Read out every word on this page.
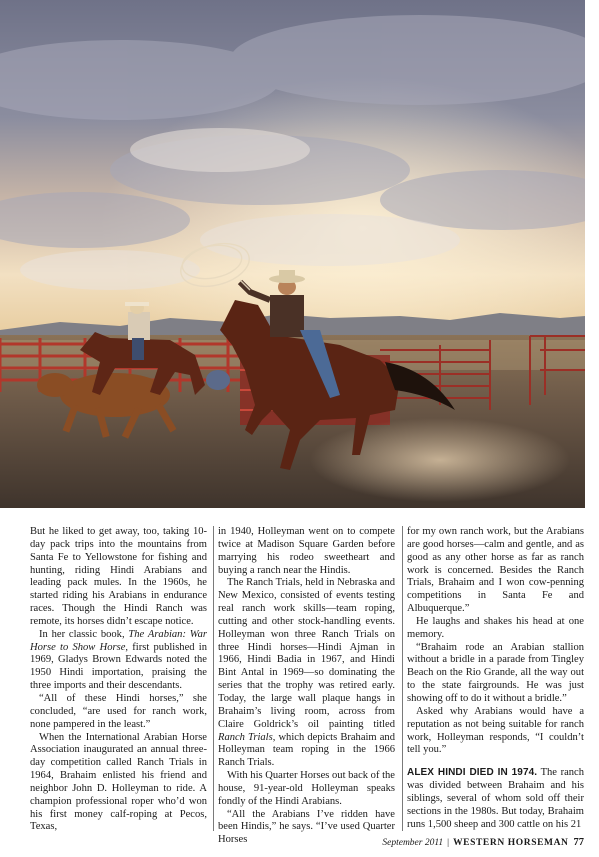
But he liked to get away, too, taking 10-day pack trips into the mountains from Santa Fe to Yellowstone for fishing and hunting, riding Hindi Arabians and leading pack mules. In the 1960s, he started riding his Arabians in endurance races. Though the Hindi Ranch was remote, its horses didn’t escape notice.

In her classic book, The Arabian: War Horse to Show Horse, first published in 1969, Gladys Brown Edwards noted the 1950 Hindi importation, praising the three imports and their descendants.

“All of these Hindi horses,” she concluded, “are used for ranch work, none pampered in the least.”

When the International Arabian Horse Association inaugurated an annual three-day competition called Ranch Trials in 1964, Brahaim enlisted his friend and neighbor John D. Holleyman to ride. A champion professional roper who’d won his first money calf-roping at Pecos, Texas,

in 1940, Holleyman went on to compete twice at Madison Square Garden before marrying his rodeo sweetheart and buying a ranch near the Hindis.

The Ranch Trials, held in Nebraska and New Mexico, consisted of events testing real ranch work skills—team roping, cutting and other stock-handling events. Holleyman won three Ranch Trials on three Hindi horses—Hindi Ajman in 1966, Hindi Badia in 1967, and Hindi Bint Antal in 1969—so dominating the series that the trophy was retired early. Today, the large wall plaque hangs in Brahaim’s living room, across from Claire Goldrick’s oil painting titled Ranch Trials, which depicts Brahaim and Holleyman team roping in the 1966 Ranch Trials.

With his Quarter Horses out back of the house, 91-year-old Holleyman speaks fondly of the Hindi Arabians.

“All the Arabians I’ve ridden have been Hindis,” he says. “I’ve used Quarter Horses

for my own ranch work, but the Arabians are good horses—calm and gentle, and as good as any other horse as far as ranch work is concerned. Besides the Ranch Trials, Brahaim and I won cow-penning competitions in Santa Fe and Albuquerque.”

He laughs and shakes his head at one memory.

“Brahaim rode an Arabian stallion without a bridle in a parade from Tingley Beach on the Rio Grande, all the way out to the state fairgrounds. He was just showing off to do it without a bridle.”

Asked why Arabians would have a reputation as not being suitable for ranch work, Holleyman responds, “I couldn’t tell you.”

ALEX HINDI DIED IN 1974. The ranch was divided between Brahaim and his siblings, several of whom sold off their sections in the 1980s. But today, Brahaim runs 1,500 sheep and 300 cattle on his 21

September 2011 | WESTERN HORSEMAN 77
